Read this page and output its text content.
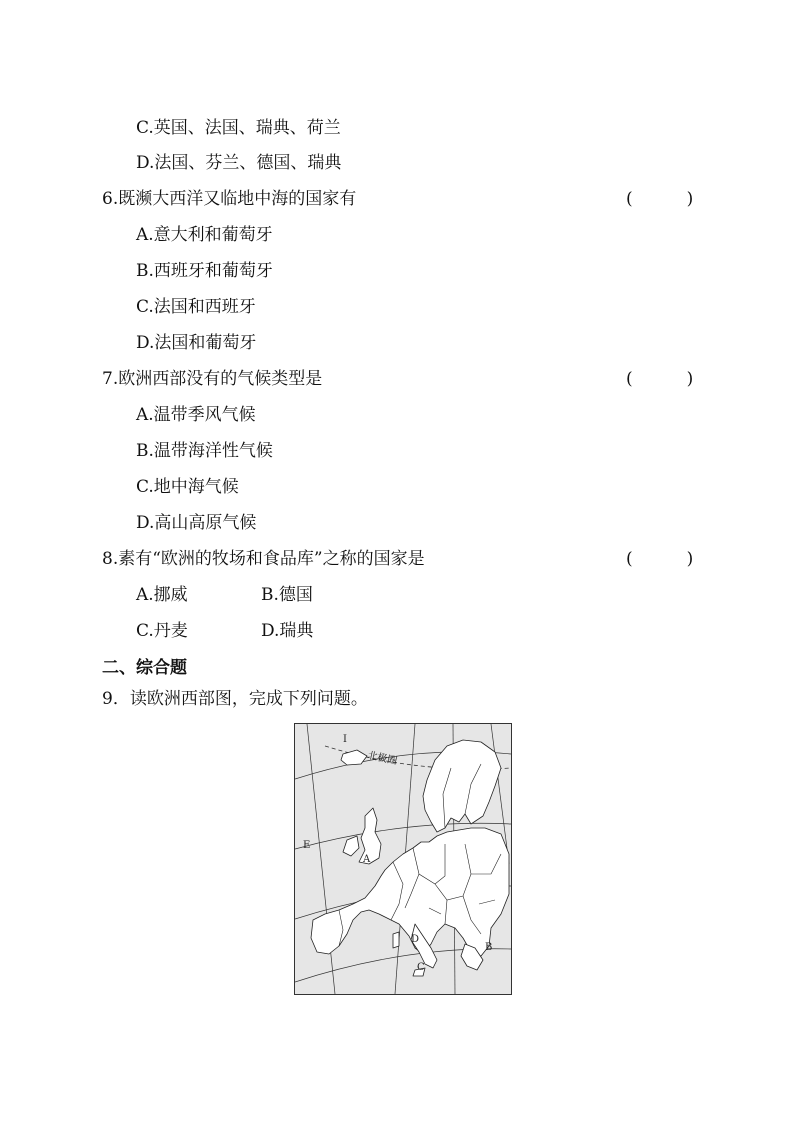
C.英国、法国、瑞典、荷兰
D.法国、芬兰、德国、瑞典
6.既濒大西洋又临地中海的国家有	(          )
A.意大利和葡萄牙
B.西班牙和葡萄牙
C.法国和西班牙
D.法国和葡萄牙
7.欧洲西部没有的气候类型是	(          )
A.温带季风气候
B.温带海洋性气候
C.地中海气候
D.高山高原气候
8.素有“欧洲的牧场和食品库”之称的国家是	(          )
A.挪威	B.德国
C.丹麦	D.瑞典
二、综合题
9．读欧洲西部图，完成下列问题。
I
北极圈
E
A
D
B
C
